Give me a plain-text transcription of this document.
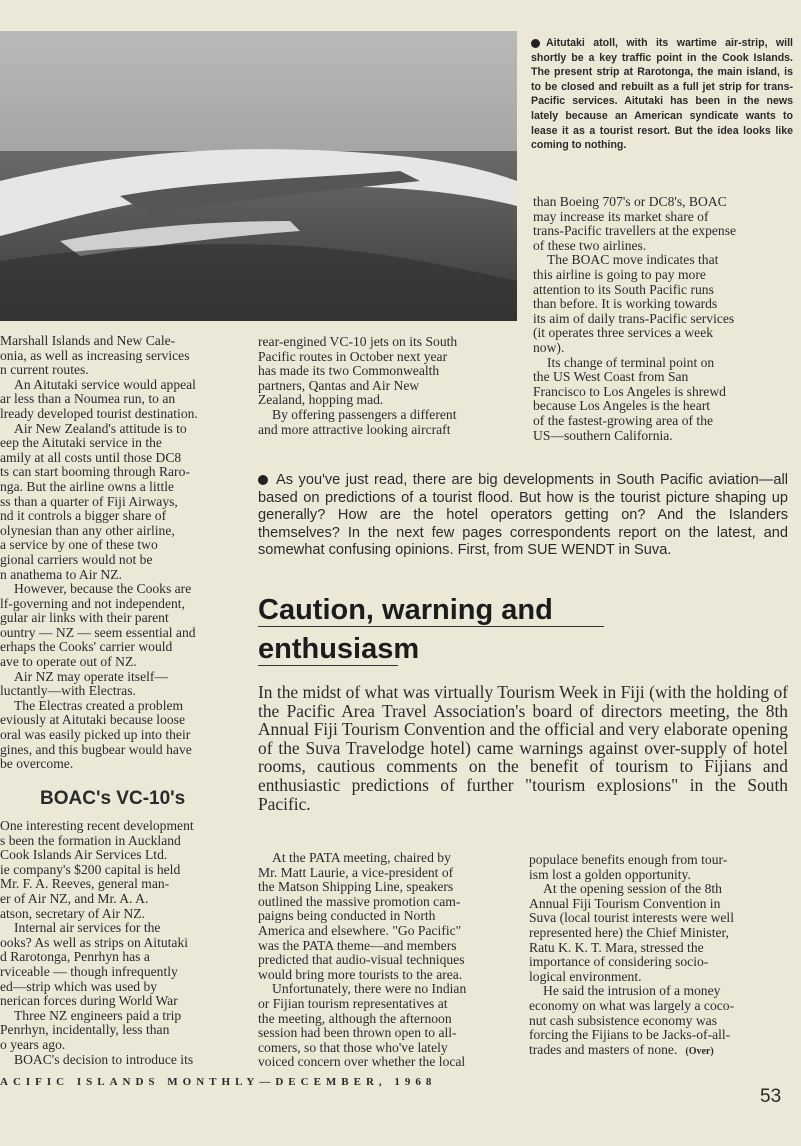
Aitutaki atoll, with its wartime air-strip, will shortly be a key traffic point in the Cook Islands. The present strip at Rarotonga, the main island, is to be closed and rebuilt as a full jet strip for trans-Pacific services. Aitutaki has been in the news lately because an American syndicate wants to lease it as a tourist resort. But the idea looks like coming to nothing.

Marshall Islands and New Cale-

onia, as well as increasing services

n current routes.

An Aitutaki service would appeal

ar less than a Noumea run, to an

lready developed tourist destination.

Air New Zealand's attitude is to

eep the Aitutaki service in the

amily at all costs until those DC8

ts can start booming through Raro-

nga. But the airline owns a little

ss than a quarter of Fiji Airways,

nd it controls a bigger share of

olynesian than any other airline,

a service by one of these two

gional carriers would not be

n anathema to Air NZ.

However, because the Cooks are

lf-governing and not independent,

gular air links with their parent

ountry — NZ — seem essential and

erhaps the Cooks' carrier would

ave to operate out of NZ.

Air NZ may operate itself—

luctantly—with Electras.

The Electras created a problem

eviously at Aitutaki because loose

oral was easily picked up into their

gines, and this bugbear would have

be overcome.

BOAC's VC-10's

One interesting recent development

s been the formation in Auckland

Cook Islands Air Services Ltd.

ie company's $200 capital is held

Mr. F. A. Reeves, general man-

er of Air NZ, and Mr. A. A.

atson, secretary of Air NZ.

Internal air services for the

ooks? As well as strips on Aitutaki

d Rarotonga, Penrhyn has a

rviceable — though infrequently

ed—strip which was used by

nerican forces during World War

Three NZ engineers paid a trip

Penrhyn, incidentally, less than

o years ago.

BOAC's decision to introduce its

rear-engined VC-10 jets on its South

Pacific routes in October next year

has made its two Commonwealth

partners, Qantas and Air New

Zealand, hopping mad.

By offering passengers a different

and more attractive looking aircraft

than Boeing 707's or DC8's, BOAC

may increase its market share of

trans-Pacific travellers at the expense

of these two airlines.

The BOAC move indicates that

this airline is going to pay more

attention to its South Pacific runs

than before. It is working towards

its aim of daily trans-Pacific services

(it operates three services a week

now).

Its change of terminal point on

the US West Coast from San

Francisco to Los Angeles is shrewd

because Los Angeles is the heart

of the fastest-growing area of the

US—southern California.

As you've just read, there are big developments in South Pacific aviation—all based on predictions of a tourist flood. But how is the tourist picture shaping up generally? How are the hotel operators getting on? And the Islanders themselves? In the next few pages correspondents report on the latest, and somewhat confusing opinions. First, from SUE WENDT in Suva.
Caution, warning and
enthusiasm
In the midst of what was virtually Tourism Week in Fiji (with the holding of the Pacific Area Travel Association's board of directors meeting, the 8th Annual Fiji Tourism Convention and the official and very elaborate opening of the Suva Travelodge hotel) came warnings against over-supply of hotel rooms, cautious comments on the benefit of tourism to Fijians and enthusiastic predictions of further "tourism explosions" in the South Pacific.

At the PATA meeting, chaired by

Mr. Matt Laurie, a vice-president of

the Matson Shipping Line, speakers

outlined the massive promotion cam-

paigns being conducted in North

America and elsewhere. "Go Pacific"

was the PATA theme—and members

predicted that audio-visual techniques

would bring more tourists to the area.

Unfortunately, there were no Indian

or Fijian tourism representatives at

the meeting, although the afternoon

session had been thrown open to all-

comers, so that those who've lately

voiced concern over whether the local

populace benefits enough from tour-

ism lost a golden opportunity.

At the opening session of the 8th

Annual Fiji Tourism Convention in

Suva (local tourist interests were well

represented here) the Chief Minister,

Ratu K. K. T. Mara, stressed the

importance of considering socio-

logical environment.

He said the intrusion of a money

economy on what was largely a coco-

nut cash subsistence economy was

forcing the Fijians to be Jacks-of-all-

trades and masters of none. (Over)

ACIFIC ISLANDS MONTHLY—DECEMBER, 1968
53
